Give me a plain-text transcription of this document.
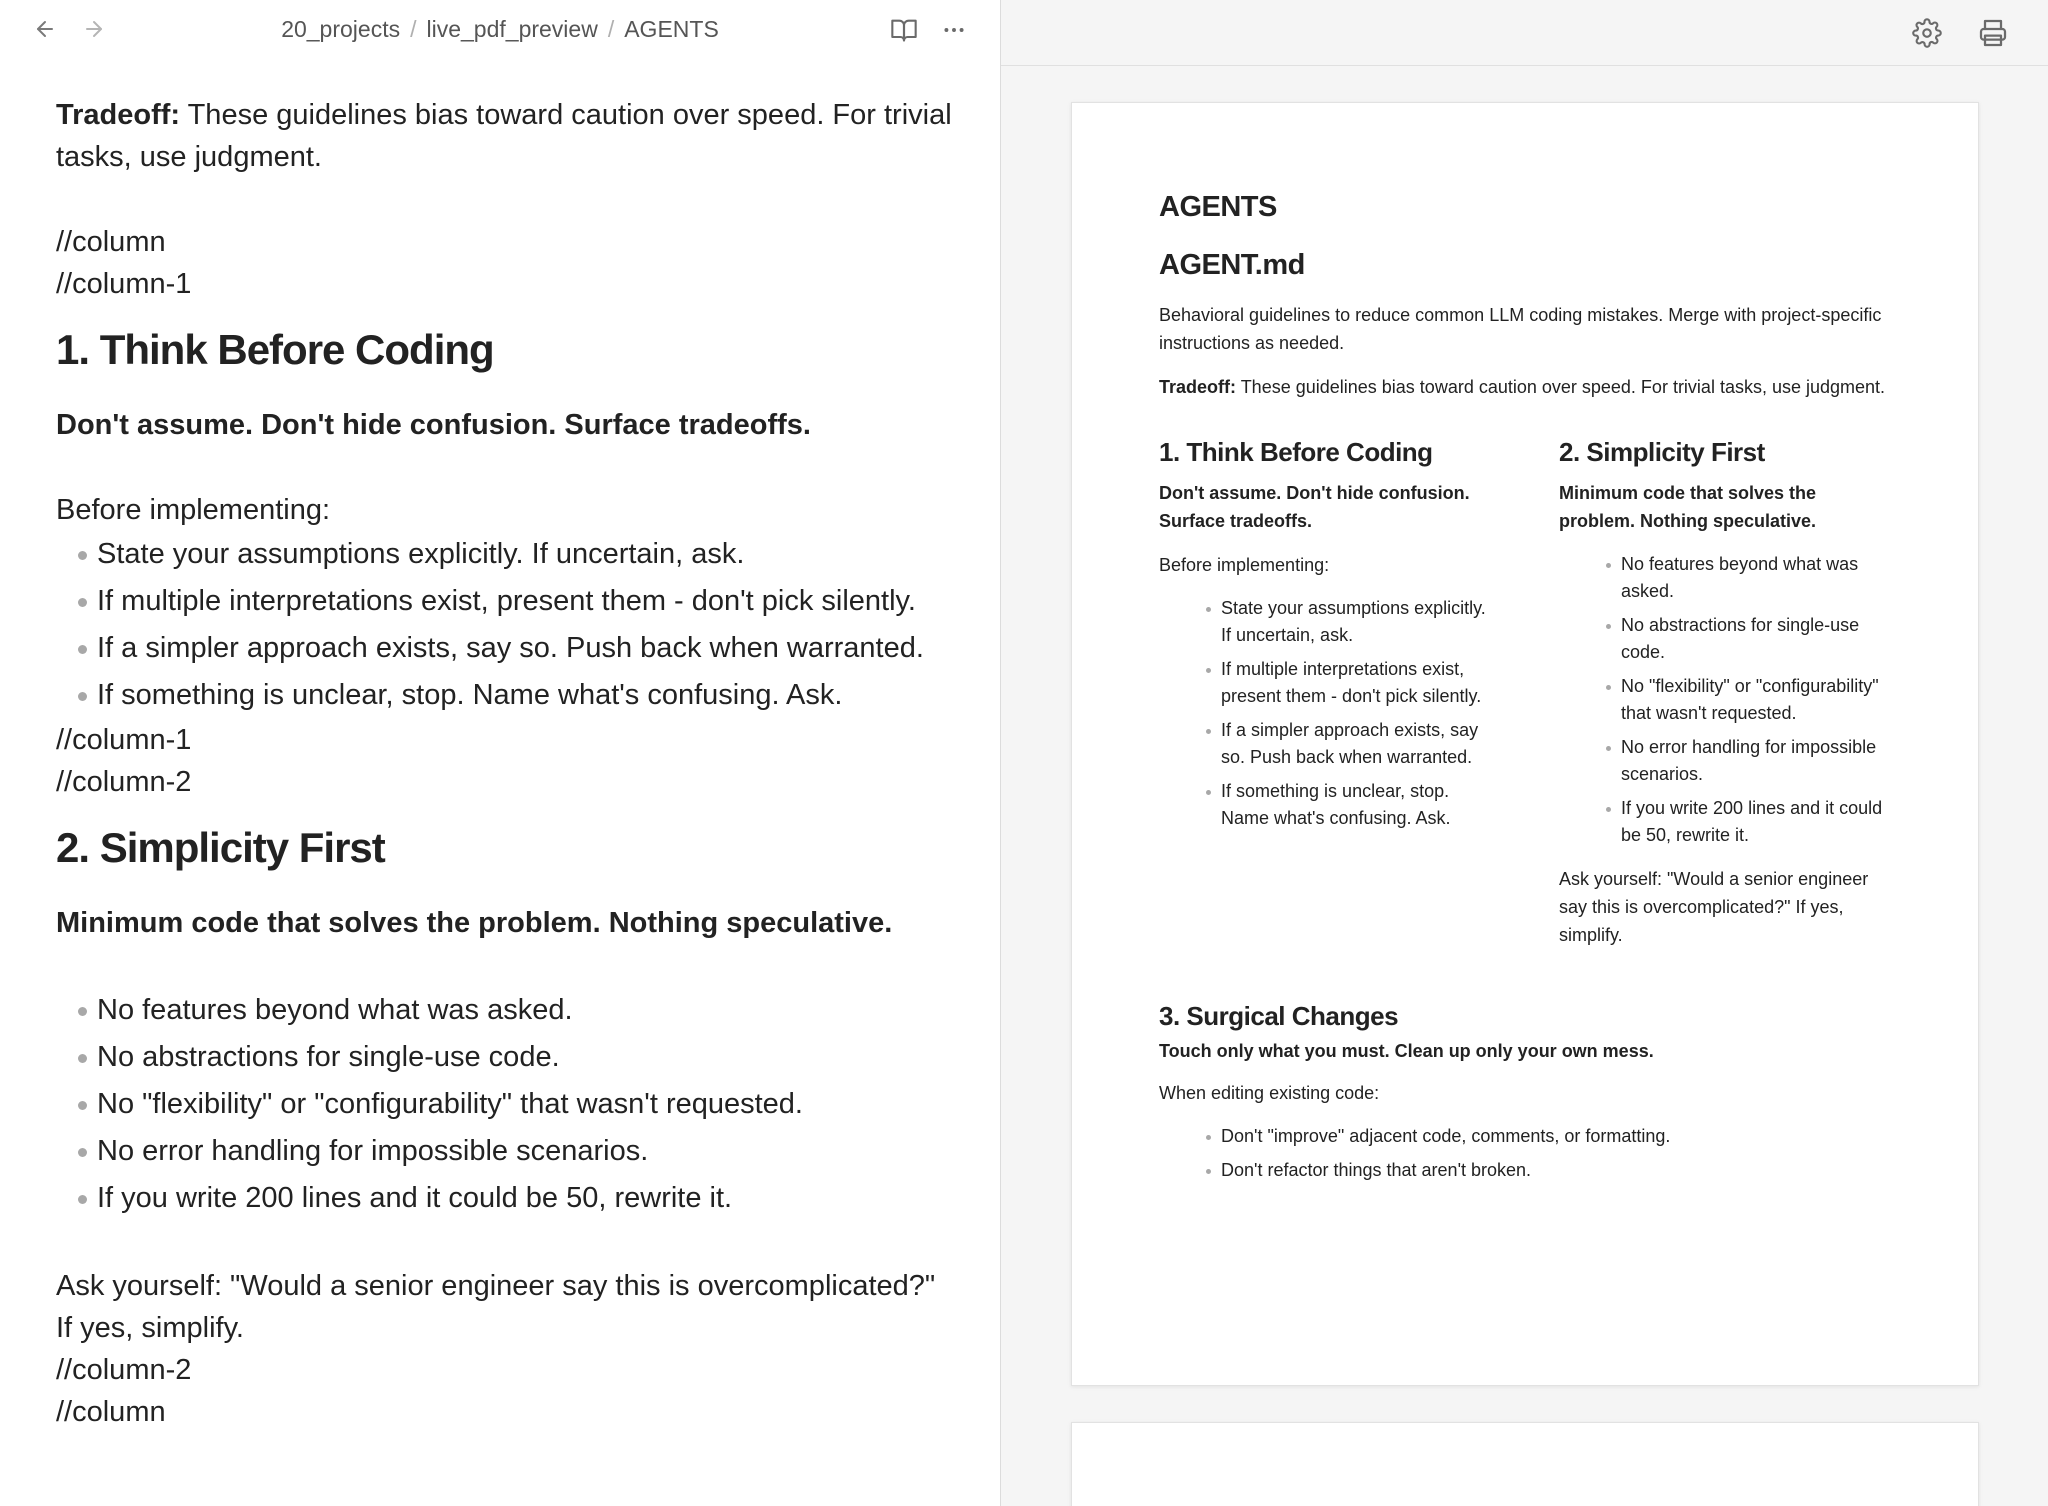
20_projects / live_pdf_preview / AGENTS

Tradeoff: These guidelines bias toward caution over speed. For trivial tasks, use judgment.

//column

//column-1

1. Think Before Coding

Don't assume. Don't hide confusion. Surface tradeoffs.

Before implementing:

State your assumptions explicitly. If uncertain, ask.
If multiple interpretations exist, present them - don't pick silently.
If a simpler approach exists, say so. Push back when warranted.
If something is unclear, stop. Name what's confusing. Ask.

//column-1

//column-2

2. Simplicity First

Minimum code that solves the problem. Nothing speculative.

No features beyond what was asked.
No abstractions for single-use code.
No "flexibility" or "configurability" that wasn't requested.
No error handling for impossible scenarios.
If you write 200 lines and it could be 50, rewrite it.

Ask yourself: "Would a senior engineer say this is overcomplicated?" If yes, simplify.

//column-2

//column

AGENTS
AGENT.md

Behavioral guidelines to reduce common LLM coding mistakes. Merge with project-specific instructions as needed.

Tradeoff: These guidelines bias toward caution over speed. For trivial tasks, use judgment.

1. Think Before Coding

Don't assume. Don't hide confusion. Surface tradeoffs.

Before implementing:

State your assumptions explicitly. If uncertain, ask.
If multiple interpretations exist, present them - don't pick silently.
If a simpler approach exists, say so. Push back when warranted.
If something is unclear, stop. Name what's confusing. Ask.
2. Simplicity First

Minimum code that solves the problem. Nothing speculative.

No features beyond what was asked.
No abstractions for single-use code.
No "flexibility" or "configurability" that wasn't requested.
No error handling for impossible scenarios.
If you write 200 lines and it could be 50, rewrite it.

Ask yourself: "Would a senior engineer say this is overcomplicated?" If yes, simplify.

3. Surgical Changes

Touch only what you must. Clean up only your own mess.

When editing existing code:

Don't "improve" adjacent code, comments, or formatting.
Don't refactor things that aren't broken.
